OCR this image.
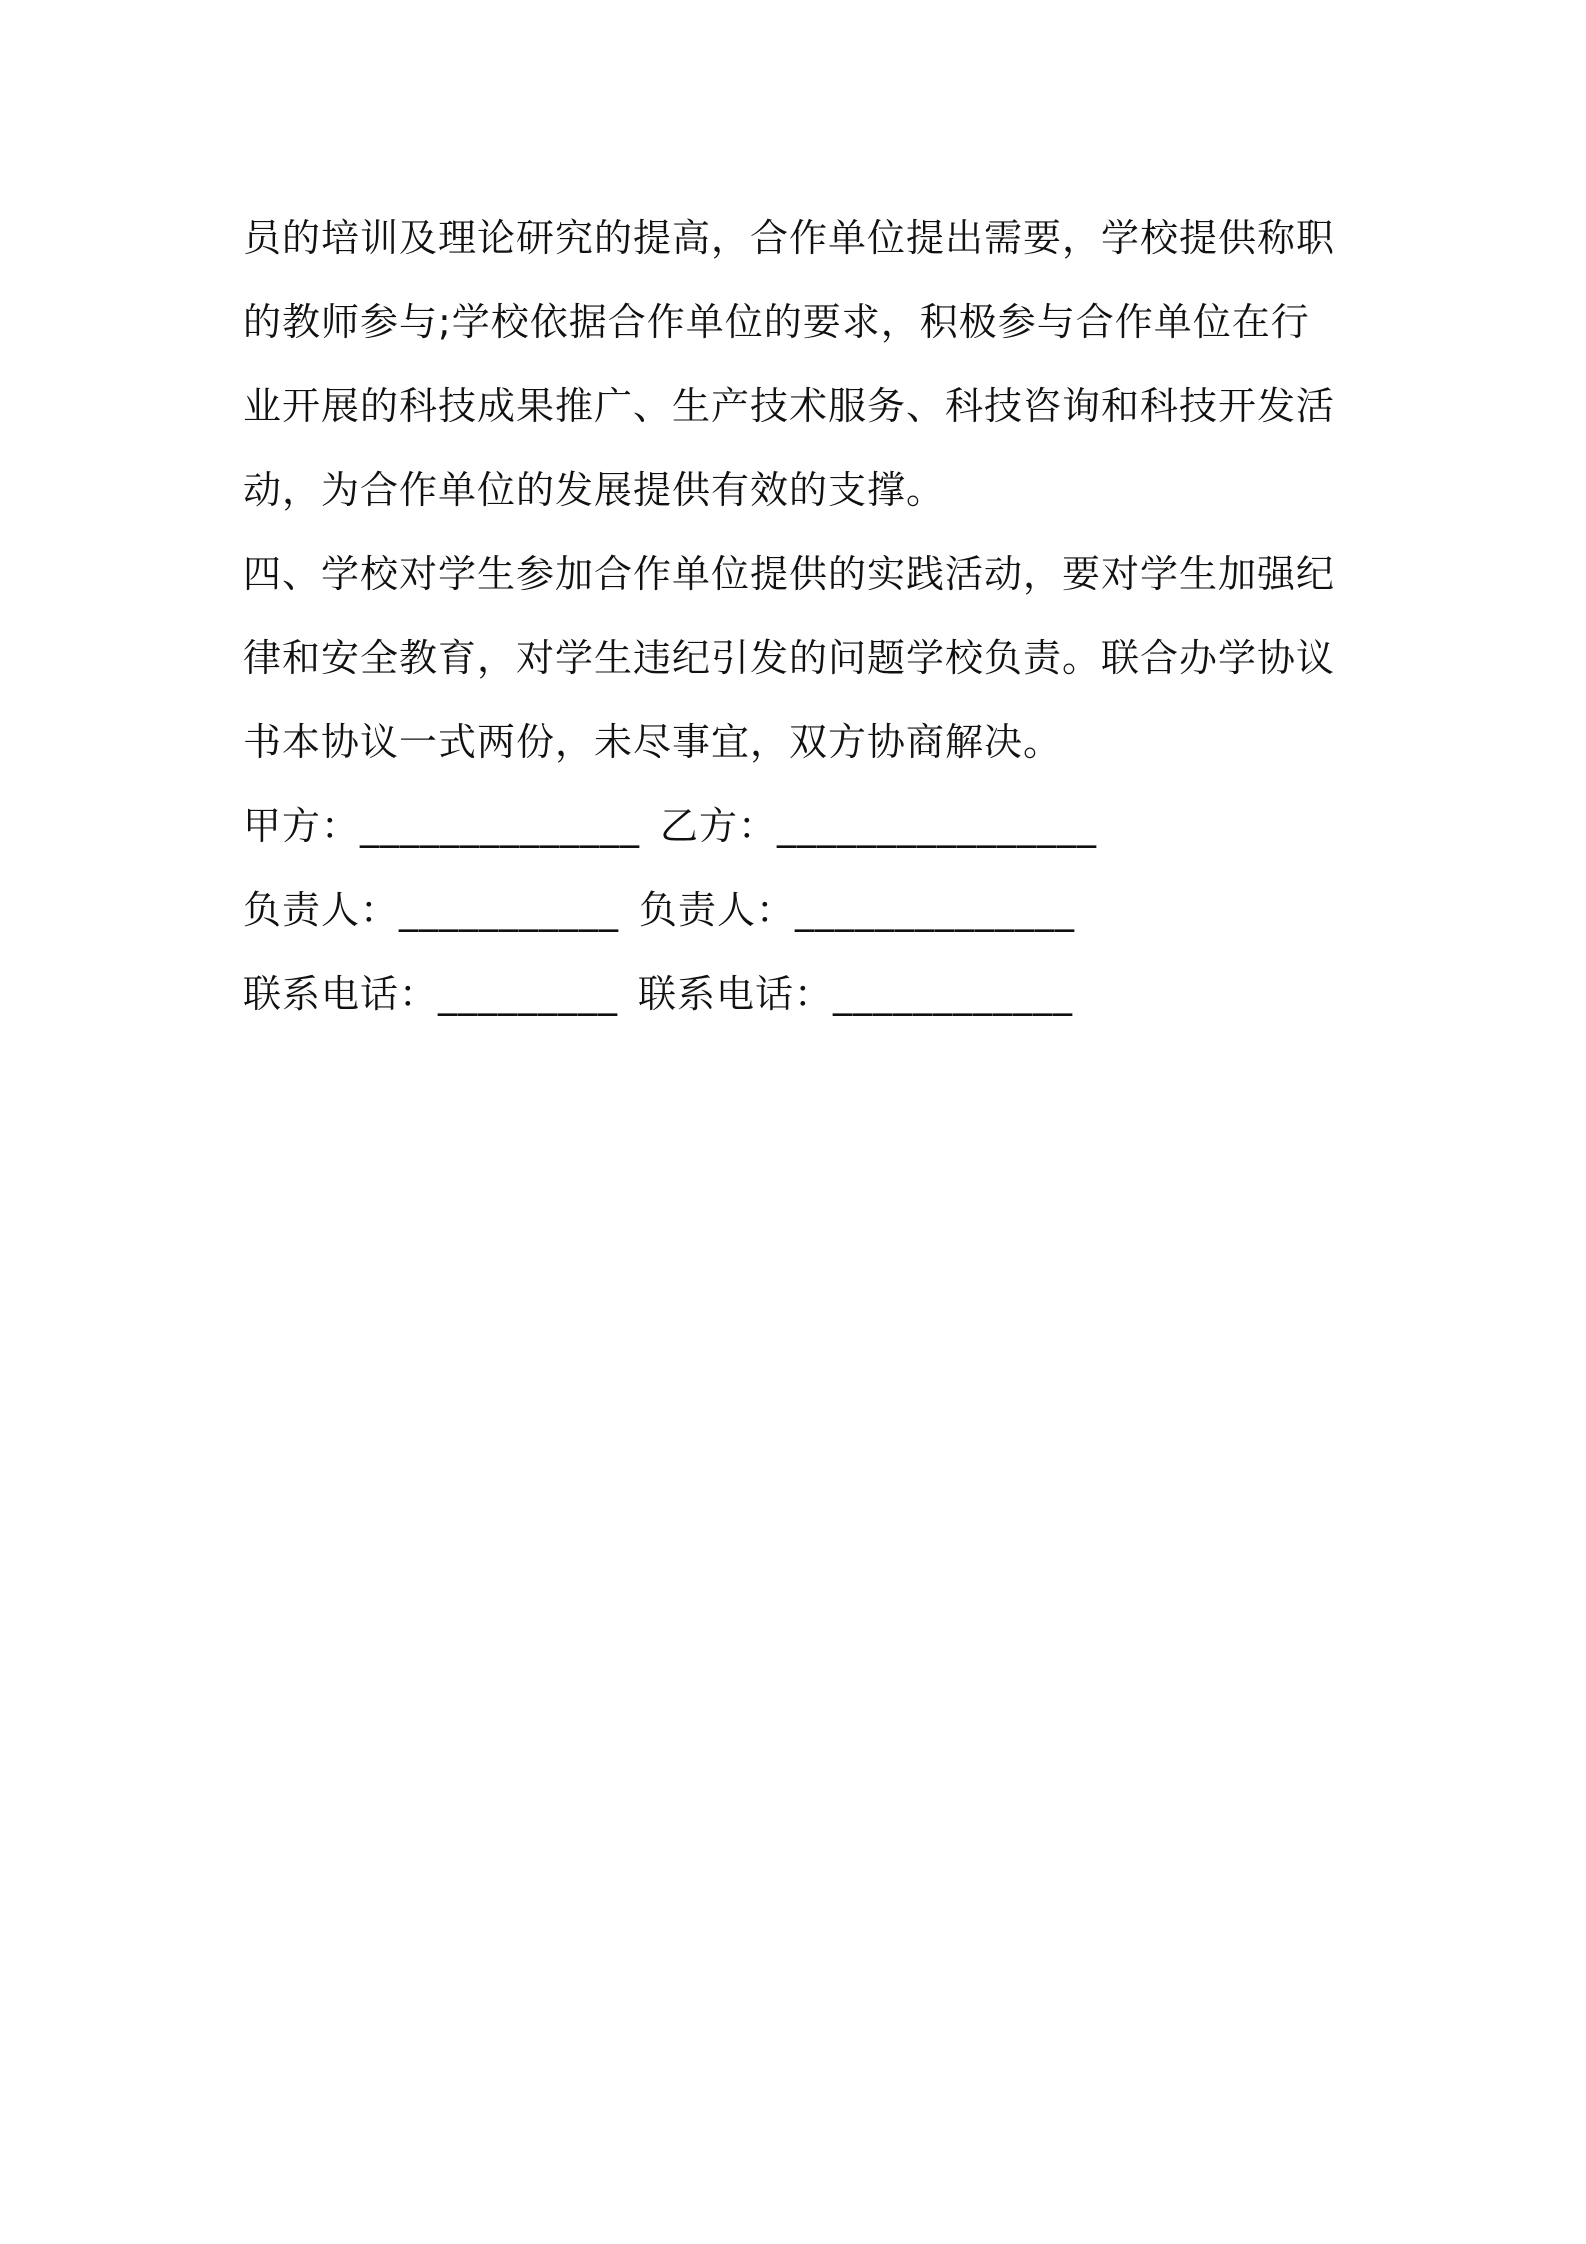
员的培训及理论研究的提高，合作单位提出需要，学校提供称职
的教师参与;学校依据合作单位的要求，积极参与合作单位在行
业开展的科技成果推广、生产技术服务、科技咨询和科技开发活
动，为合作单位的发展提供有效的支撑。
四、学校对学生参加合作单位提供的实践活动，要对学生加强纪
律和安全教育，对学生违纪引发的问题学校负责。联合办学协议
书本协议一式两份，未尽事宜，双方协商解决。
甲方：______________ 乙方：________________
负责人：___________ 负责人：______________
联系电话：_________ 联系电话：____________
